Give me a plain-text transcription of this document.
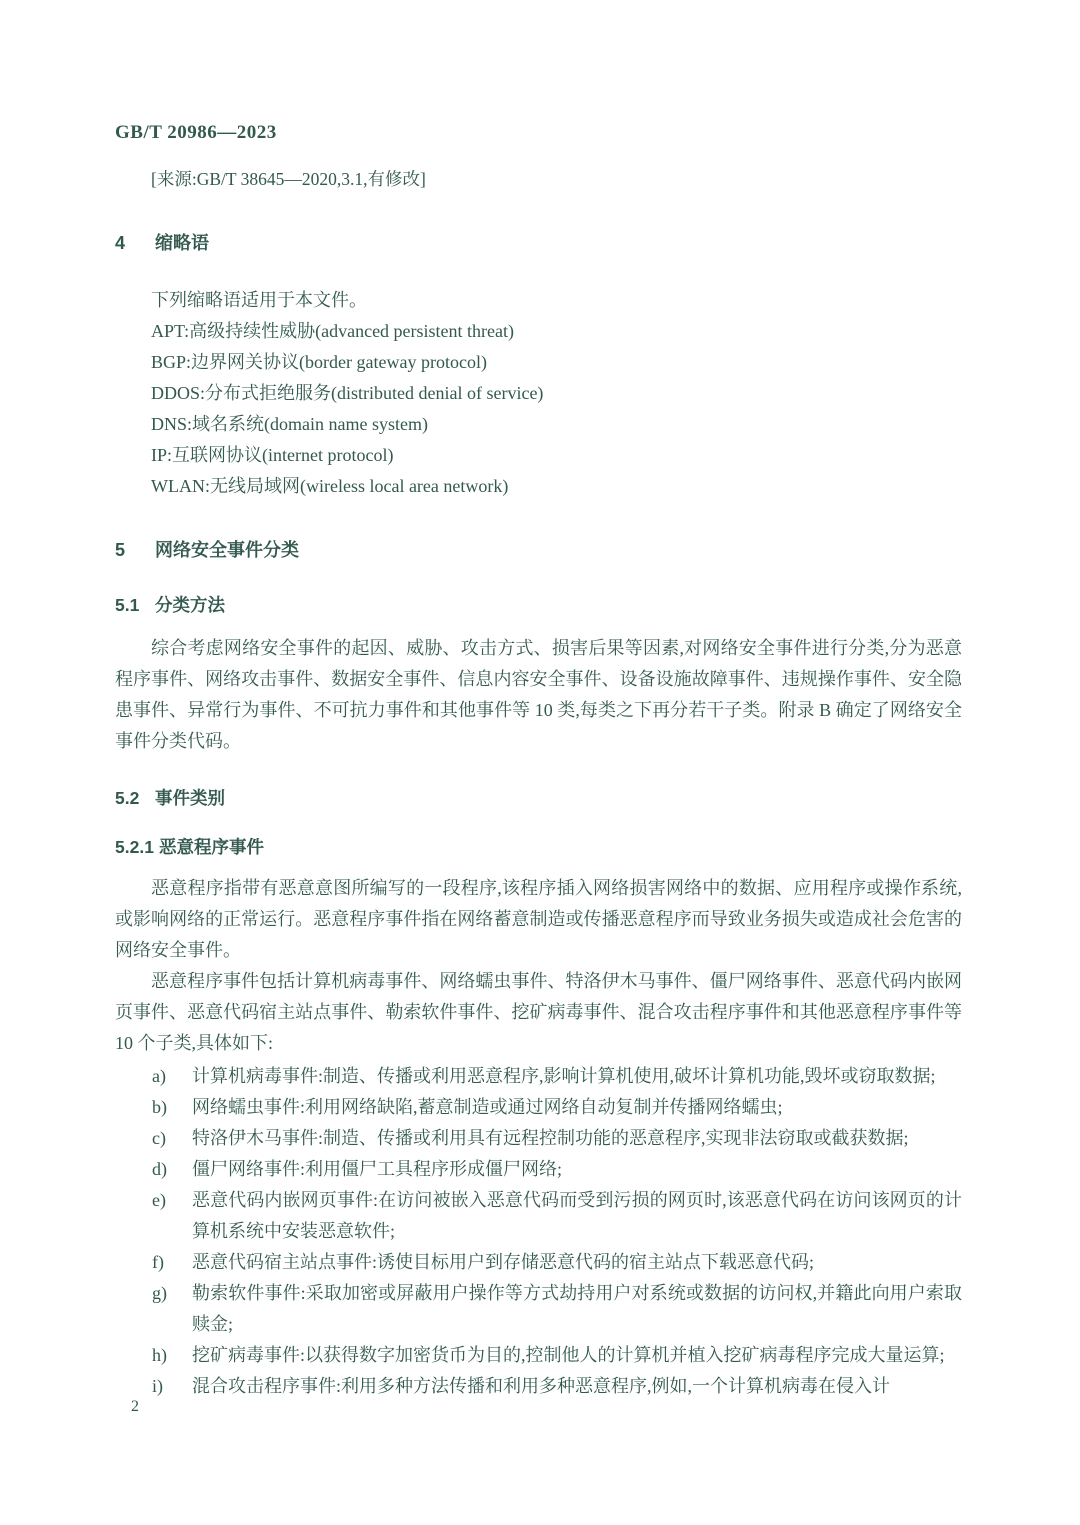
GB/T 20986—2023
[来源:GB/T 38645—2020,3.1,有修改]
4 缩略语

下列缩略语适用于本文件。

APT:高级持续性威胁(advanced persistent threat)
BGP:边界网关协议(border gateway protocol)
DDOS:分布式拒绝服务(distributed denial of service)
DNS:域名系统(domain name system)
IP:互联网协议(internet protocol)
WLAN:无线局域网(wireless local area network)
5 网络安全事件分类
5.1 分类方法

综合考虑网络安全事件的起因、威胁、攻击方式、损害后果等因素,对网络安全事件进行分类,分为恶意程序事件、网络攻击事件、数据安全事件、信息内容安全事件、设备设施故障事件、违规操作事件、安全隐患事件、异常行为事件、不可抗力事件和其他事件等 10 类,每类之下再分若干子类。附录 B 确定了网络安全事件分类代码。

5.2 事件类别
5.2.1 恶意程序事件

恶意程序指带有恶意意图所编写的一段程序,该程序插入网络损害网络中的数据、应用程序或操作系统,或影响网络的正常运行。恶意程序事件指在网络蓄意制造或传播恶意程序而导致业务损失或造成社会危害的网络安全事件。

恶意程序事件包括计算机病毒事件、网络蠕虫事件、特洛伊木马事件、僵尸网络事件、恶意代码内嵌网页事件、恶意代码宿主站点事件、勒索软件事件、挖矿病毒事件、混合攻击程序事件和其他恶意程序事件等 10 个子类,具体如下:

a)	计算机病毒事件:制造、传播或利用恶意程序,影响计算机使用,破坏计算机功能,毁坏或窃取数据;
b)	网络蠕虫事件:利用网络缺陷,蓄意制造或通过网络自动复制并传播网络蠕虫;
c)	特洛伊木马事件:制造、传播或利用具有远程控制功能的恶意程序,实现非法窃取或截获数据;
d)	僵尸网络事件:利用僵尸工具程序形成僵尸网络;
e)	恶意代码内嵌网页事件:在访问被嵌入恶意代码而受到污损的网页时,该恶意代码在访问该网页的计算机系统中安装恶意软件;
f)	恶意代码宿主站点事件:诱使目标用户到存储恶意代码的宿主站点下载恶意代码;
g)	勒索软件事件:采取加密或屏蔽用户操作等方式劫持用户对系统或数据的访问权,并籍此向用户索取赎金;
h)	挖矿病毒事件:以获得数字加密货币为目的,控制他人的计算机并植入挖矿病毒程序完成大量运算;
i)	混合攻击程序事件:利用多种方法传播和利用多种恶意程序,例如,一个计算机病毒在侵入计
2
